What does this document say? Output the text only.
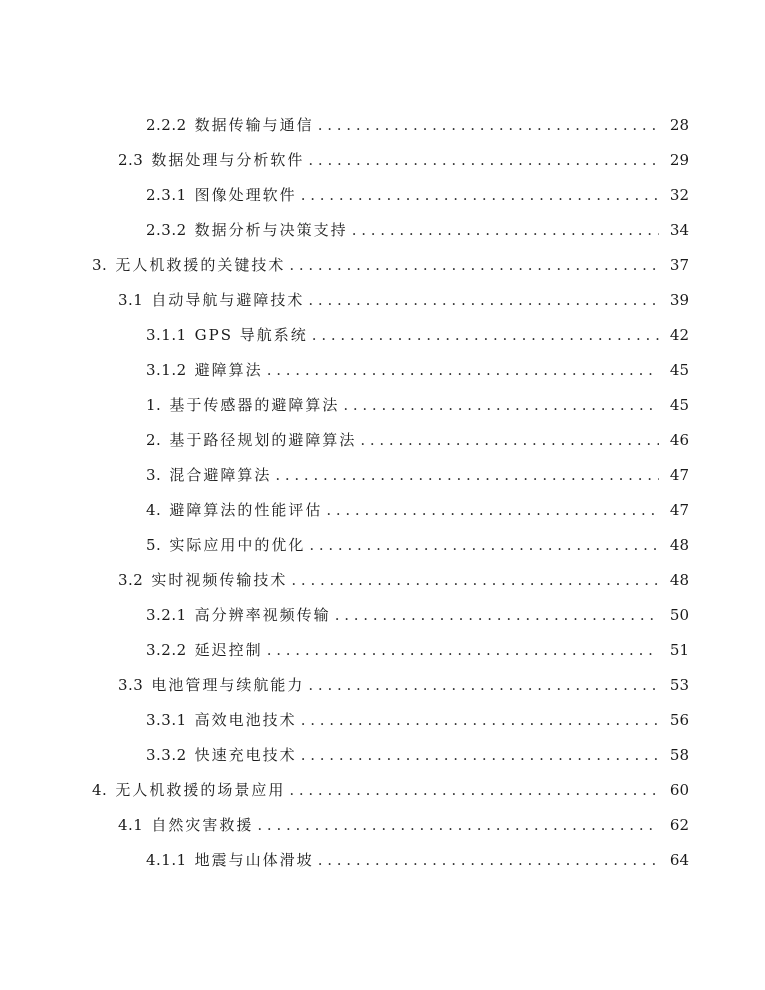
2.2.2 数据传输与通信 . . .	28
2.3 数据处理与分析软件 . . .	29
2.3.1 图像处理软件 . . .	32
2.3.2 数据分析与决策支持 . . .	34
3. 无人机救援的关键技术 . . .	37
3.1 自动导航与避障技术 . . .	39
3.1.1 GPS 导航系统 . . .	42
3.1.2 避障算法 . . .	45
1. 基于传感器的避障算法 . . .	45
2. 基于路径规划的避障算法 . . .	46
3. 混合避障算法 . . .	47
4. 避障算法的性能评估 . . .	47
5. 实际应用中的优化 . . .	48
3.2 实时视频传输技术 . . .	48
3.2.1 高分辨率视频传输 . . .	50
3.2.2 延迟控制 . . .	51
3.3 电池管理与续航能力 . . .	53
3.3.1 高效电池技术 . . .	56
3.3.2 快速充电技术 . . .	58
4. 无人机救援的场景应用 . . .	60
4.1 自然灾害救援 . . .	62
4.1.1 地震与山体滑坡 . . .	64
